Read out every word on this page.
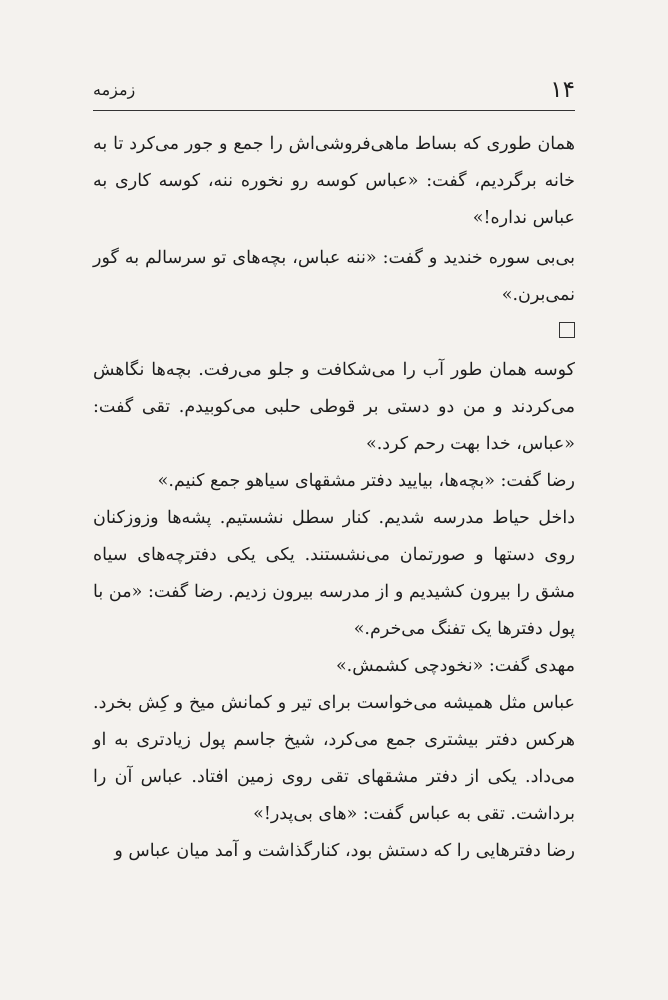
۱۴
زمزمه

همان طوری که بساط ماهی‌فروشی‌اش را جمع و جور می‌کرد تا به خانه برگردیم، گفت: «عباس کوسه رو نخوره ننه، کوسه کاری به عباس نداره!»

بی‌بی سوره خندید و گفت: «ننه عباس، بچه‌های تو سرسالم به گور نمی‌برن.»

کوسه همان طور آب را می‌شکافت و جلو می‌رفت. بچه‌ها نگاهش می‌کردند و من دو دستی بر قوطی حلبی می‌کوبیدم. تقی گفت: «عباس، خدا بهت رحم کرد.»

رضا گفت: «بچه‌ها، بیایید دفتر مشقهای سیاهو جمع کنیم.»

داخل حیاط مدرسه شدیم. کنار سطل نشستیم. پشه‌ها وزوزکنان روی دستها و صورتمان می‌نشستند. یکی یکی دفترچه‌های سیاه مشق را بیرون کشیدیم و از مدرسه بیرون زدیم. رضا گفت: «من با پول دفترها یک تفنگ می‌خرم.»

مهدی گفت: «نخودچی کشمش.»

عباس مثل همیشه می‌خواست برای تیر و کمانش میخ و کِش بخرد. هرکس دفتر بیشتری جمع می‌کرد، شیخ جاسم پول زیادتری به او می‌داد. یکی از دفتر مشقهای تقی روی زمین افتاد. عباس آن را برداشت. تقی به عباس گفت: «های بی‌پدر!»

رضا دفترهایی را که دستش بود، کنارگذاشت و آمد میان عباس و
